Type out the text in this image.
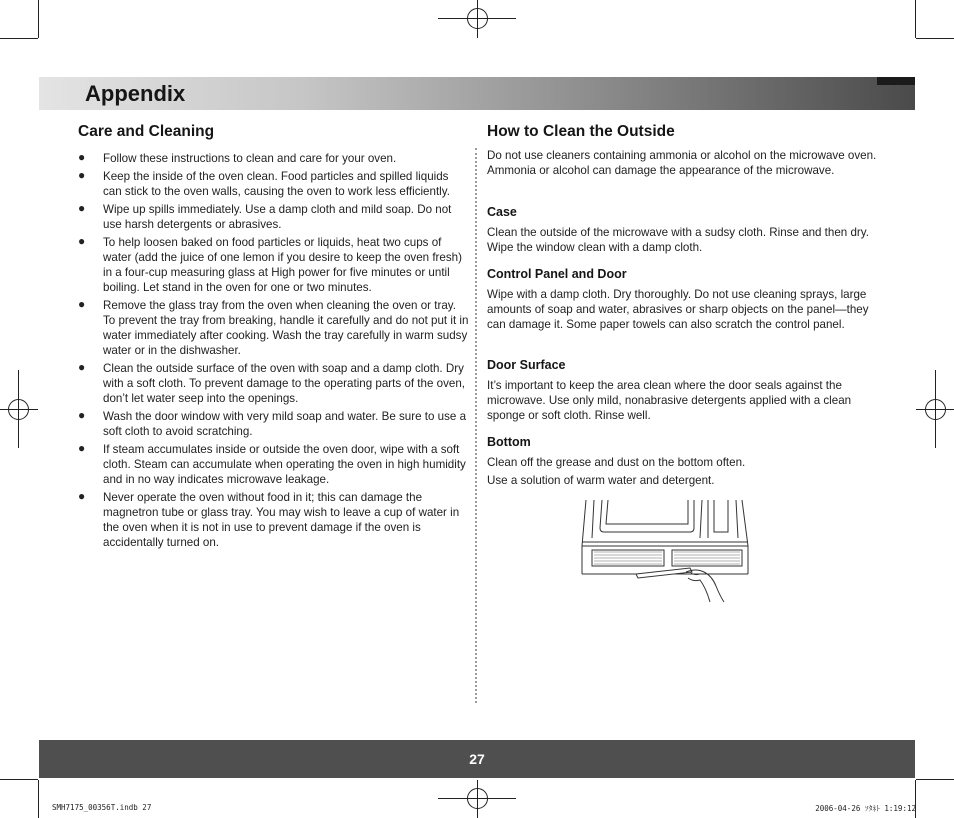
Appendix
Care and Cleaning
● Follow these instructions to clean and care for your oven.
● Keep the inside of the oven clean. Food particles and spilled liquids can stick to the oven walls, causing the oven to work less efficiently.
● Wipe up spills immediately. Use a damp cloth and mild soap. Do not use harsh detergents or abrasives.
● To help loosen baked on food particles or liquids, heat two cups of water (add the juice of one lemon if you desire to keep the oven fresh) in a four-cup measuring glass at High power for five minutes or until boiling. Let stand in the oven for one or two minutes.
● Remove the glass tray from the oven when cleaning the oven or tray. To prevent the tray from breaking, handle it carefully and do not put it in water immediately after cooking. Wash the tray carefully in warm sudsy water or in the dishwasher.
● Clean the outside surface of the oven with soap and a damp cloth. Dry with a soft cloth. To prevent damage to the operating parts of the oven, don’t let water seep into the openings.
● Wash the door window with very mild soap and water. Be sure to use a soft cloth to avoid scratching.
● If steam accumulates inside or outside the oven door, wipe with a soft cloth. Steam can accumulate when operating the oven in high humidity and in no way indicates microwave leakage.
● Never operate the oven without food in it; this can damage the magnetron tube or glass tray. You may wish to leave a cup of water in the oven when it is not in use to prevent damage if the oven is accidentally turned on.
How to Clean the Outside
Do not use cleaners containing ammonia or alcohol on the microwave oven. Ammonia or alcohol can damage the appearance of the microwave.
Case
Clean the outside of the microwave with a sudsy cloth. Rinse and then dry. Wipe the window clean with a damp cloth.
Control Panel and Door
Wipe with a damp cloth. Dry thoroughly. Do not use cleaning sprays, large amounts of soap and water, abrasives or sharp objects on the panel—they can damage it. Some paper towels can also scratch the control panel.
Door Surface
It’s important to keep the area clean where the door seals against the microwave. Use only mild, nonabrasive detergents applied with a clean sponge or soft cloth. Rinse well.
Bottom
Clean off the grease and dust on the bottom often.
Use a solution of warm water and detergent.
27
SMH7175_00356T.indb 27	2006-04-26 ｿﾀﾈﾄ 1:19:12
